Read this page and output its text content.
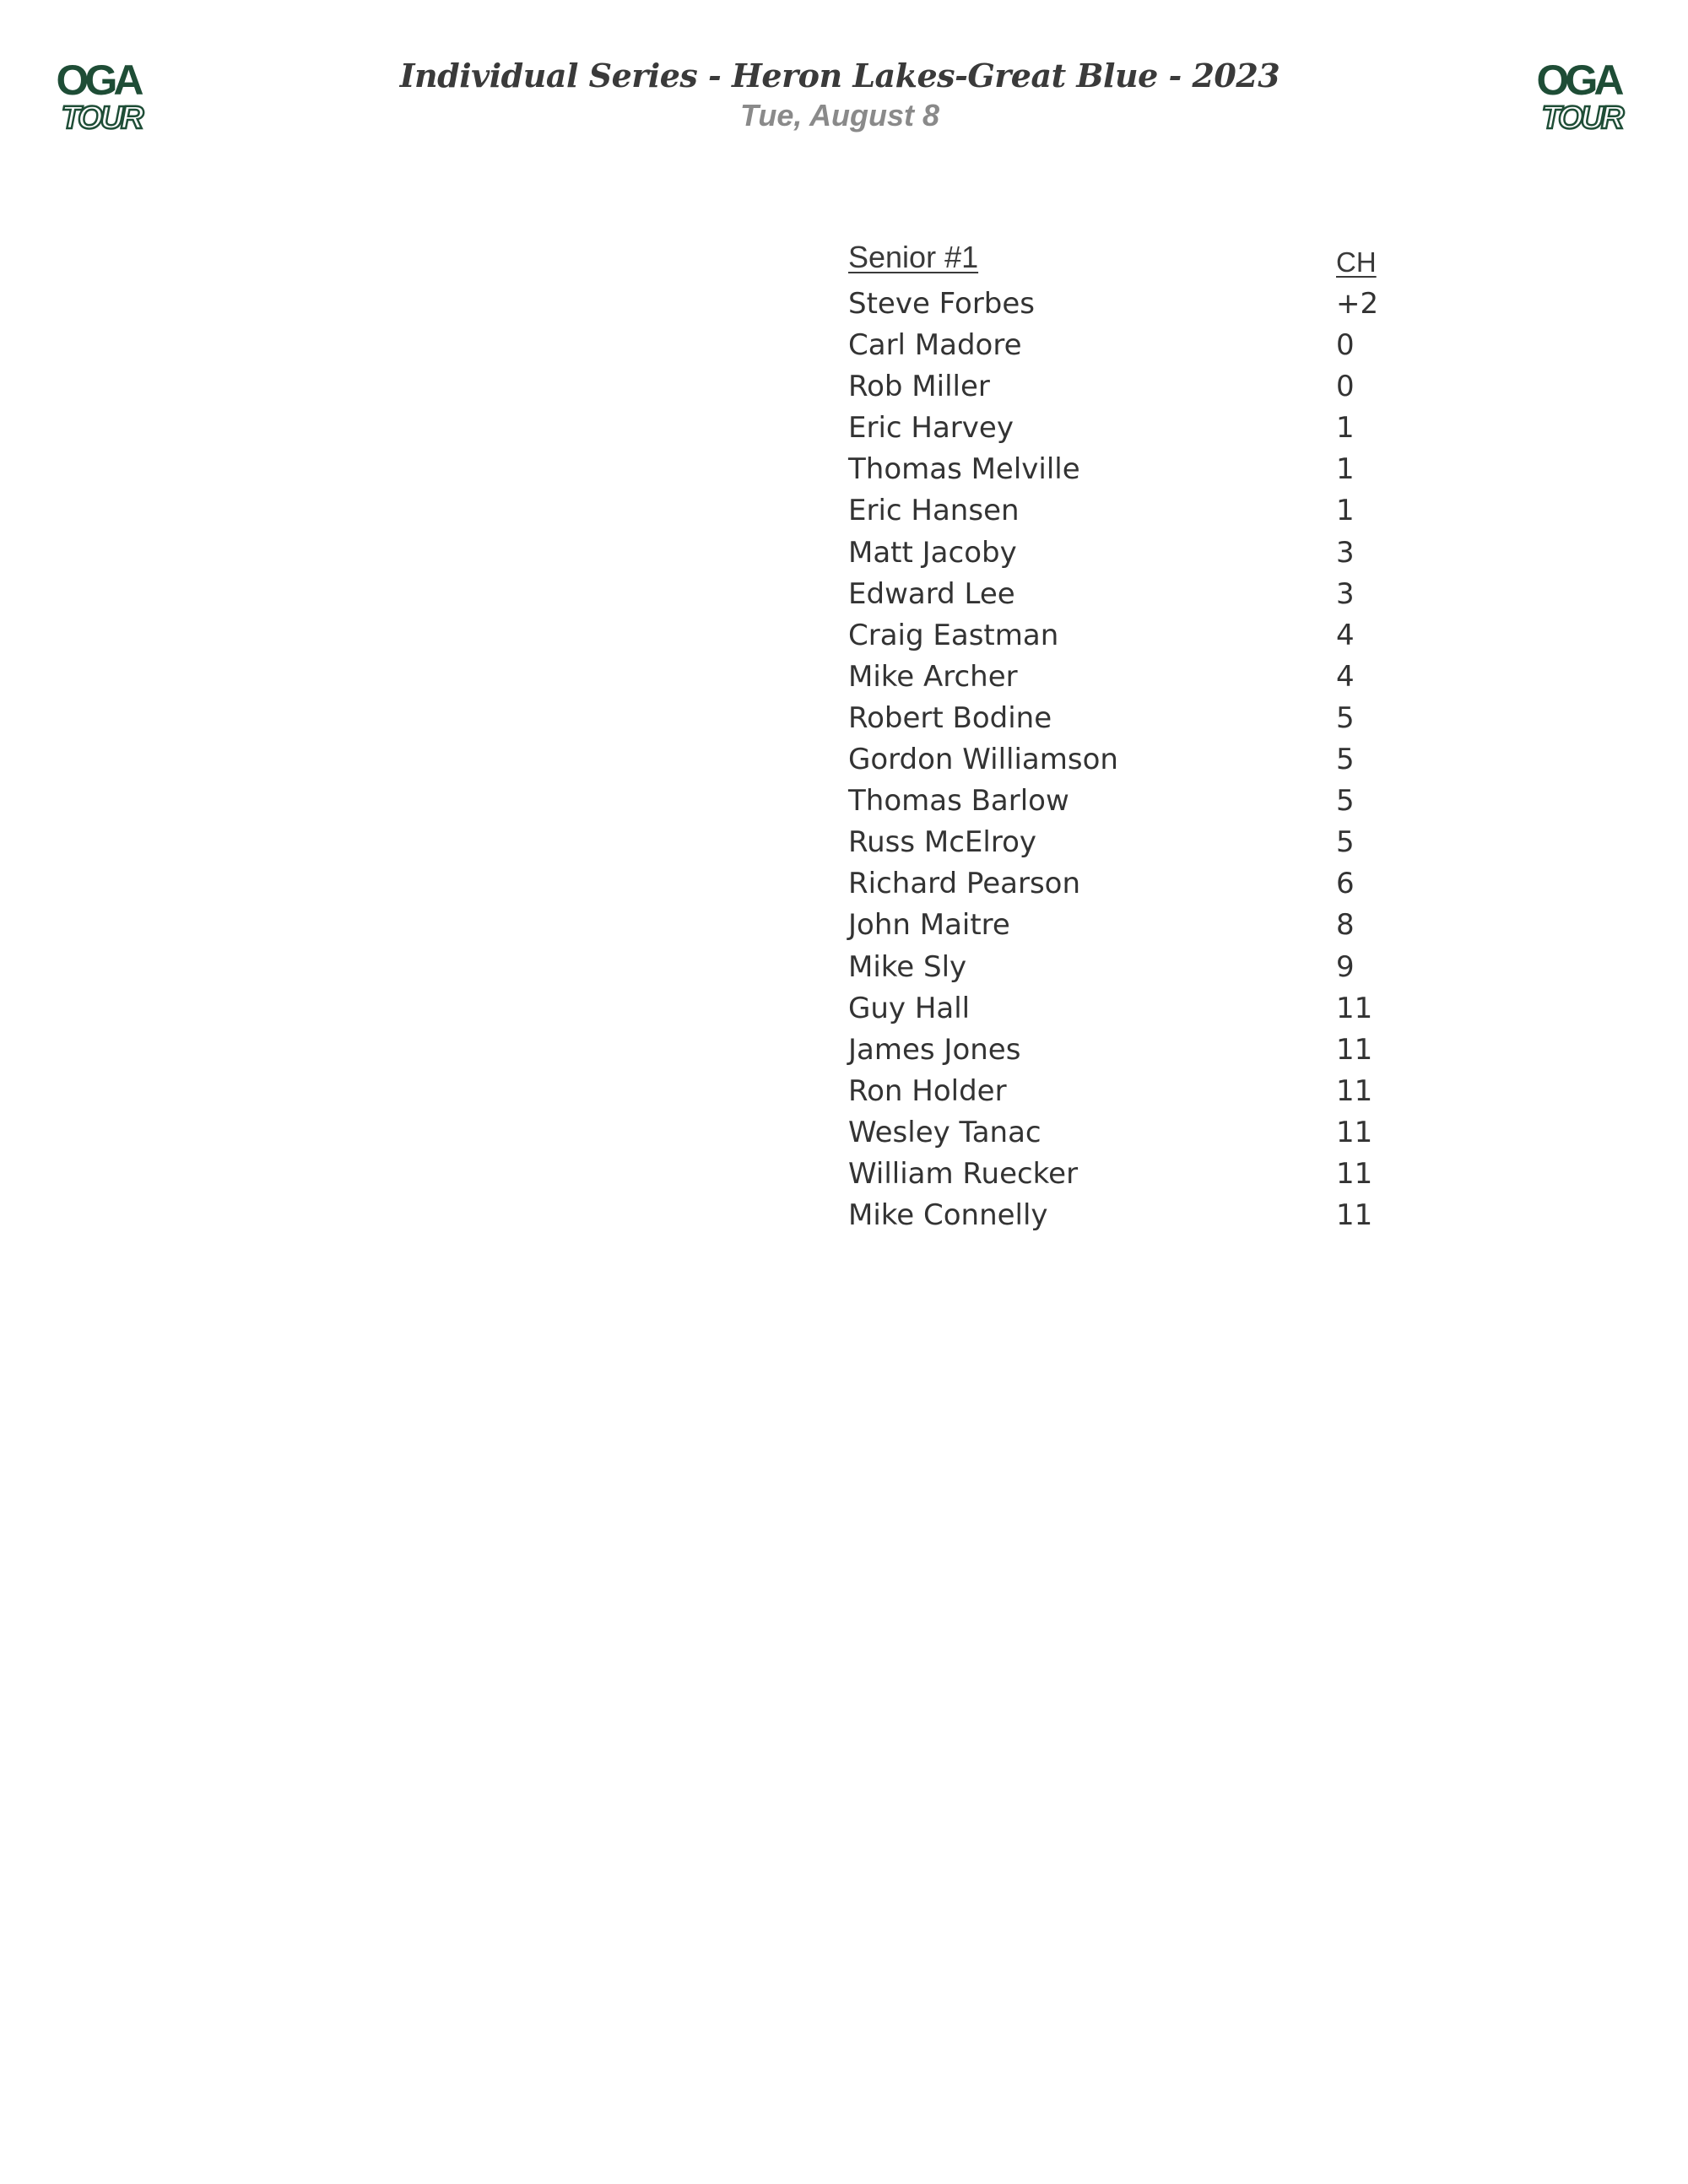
OGA
TOUR
OGA
TOUR
Individual Series - Heron Lakes-Great Blue - 2023
Tue, August 8
Senior #1	CH
Steve Forbes	+2
Carl Madore	0
Rob Miller	0
Eric Harvey	1
Thomas Melville	1
Eric Hansen	1
Matt Jacoby	3
Edward Lee	3
Craig Eastman	4
Mike Archer	4
Robert Bodine	5
Gordon Williamson	5
Thomas Barlow	5
Russ McElroy	5
Richard Pearson	6
John Maitre	8
Mike Sly	9
Guy Hall	11
James Jones	11
Ron Holder	11
Wesley Tanac	11
William Ruecker	11
Mike Connelly	11
